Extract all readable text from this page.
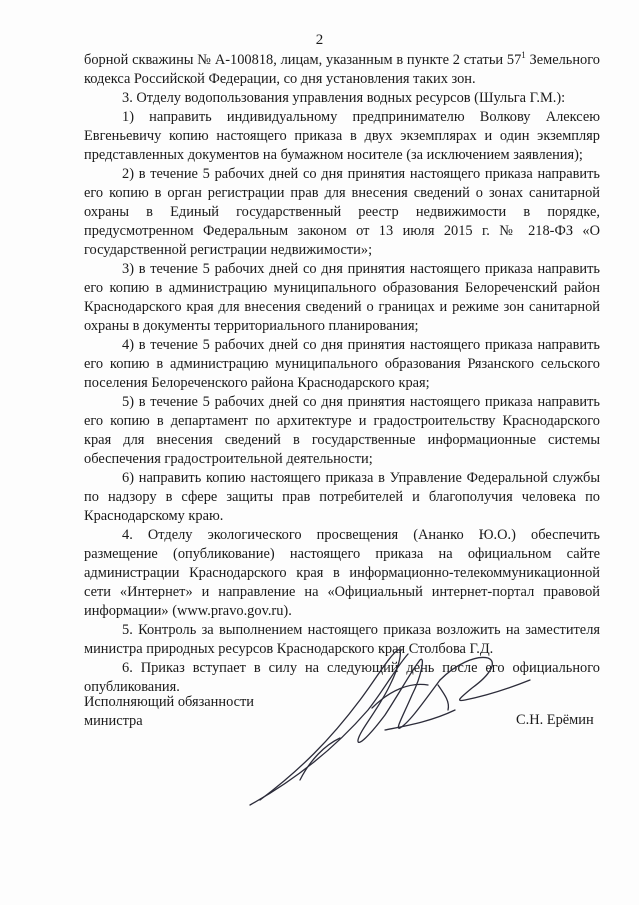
2

борной скважины № А-100818, лицам, указанным в пункте 2 статьи $57^1$ Земельного кодекса Российской Федерации, со дня установления таких зон.

3. Отделу водопользования управления водных ресурсов (Шульга Г.М.):

1) направить индивидуальному предпринимателю Волкову Алексею Евгеньевичу копию настоящего приказа в двух экземплярах и один экземпляр представленных документов на бумажном носителе (за исключением заявления);

2) в течение 5 рабочих дней со дня принятия настоящего приказа направить его копию в орган регистрации прав для внесения сведений о зонах санитарной охраны в Единый государственный реестр недвижимости в порядке, предусмотренном Федеральным законом от 13 июля 2015 г. № 218-ФЗ «О государственной регистрации недвижимости»;

3) в течение 5 рабочих дней со дня принятия настоящего приказа направить его копию в администрацию муниципального образования Белореченский район Краснодарского края для внесения сведений о границах и режиме зон санитарной охраны в документы территориального планирования;

4) в течение 5 рабочих дней со дня принятия настоящего приказа направить его копию в администрацию муниципального образования Рязанского сельского поселения Белореченского района Краснодарского края;

5) в течение 5 рабочих дней со дня принятия настоящего приказа направить его копию в департамент по архитектуре и градостроительству Краснодарского края для внесения сведений в государственные информационные системы обеспечения градостроительной деятельности;

6) направить копию настоящего приказа в Управление Федеральной службы по надзору в сфере защиты прав потребителей и благополучия человека по Краснодарскому краю.

4. Отделу экологического просвещения (Ананко Ю.О.) обеспечить размещение (опубликование) настоящего приказа на официальном сайте администрации Краснодарского края в информационно-телекоммуникационной сети «Интернет» и направление на «Официальный интернет-портал правовой информации» (www.pravo.gov.ru).

5. Контроль за выполнением настоящего приказа возложить на заместителя министра природных ресурсов Краснодарского края Столбова Г.Д.

6. Приказ вступает в силу на следующий день после его официального опубликования.

Исполняющий обязанности
министра	С.Н. Ерёмин
